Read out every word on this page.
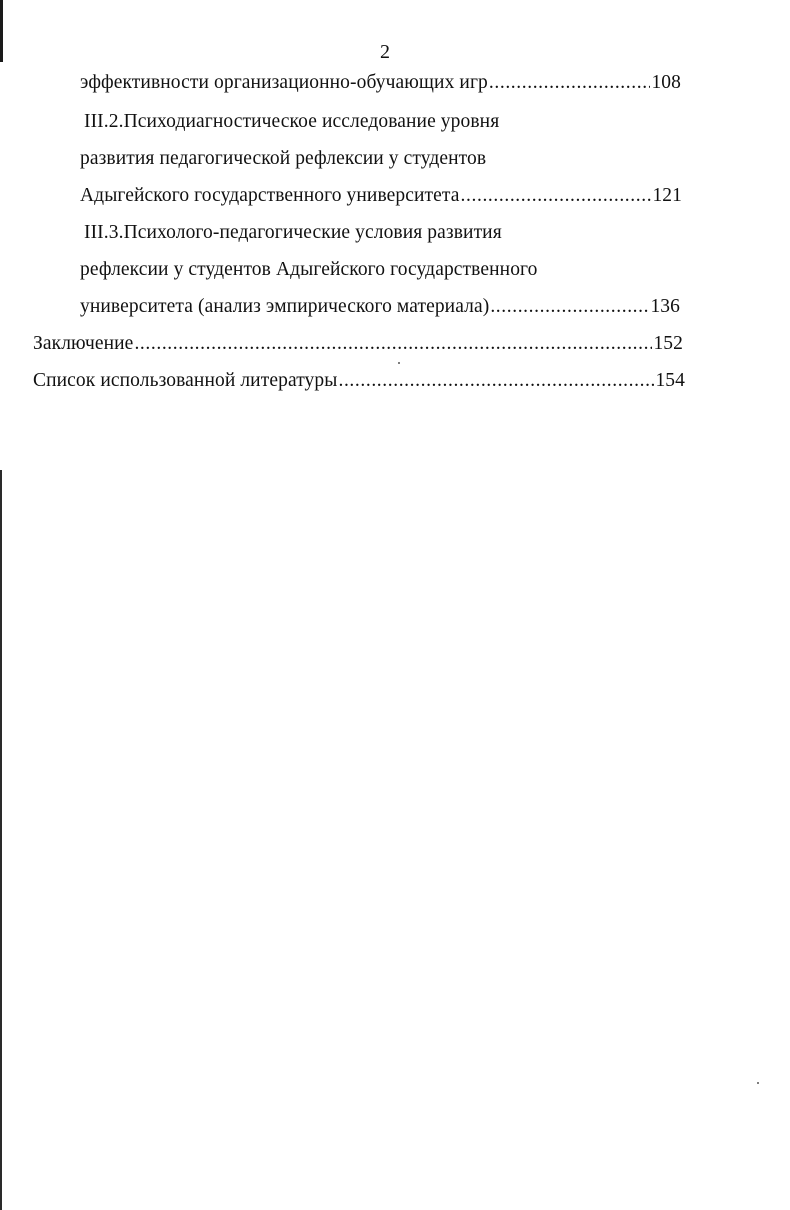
2
эффективности организационно-обучающих игр .....	108
III.2.Психодиагностическое исследование уровня
развития педагогической рефлексии у студентов
Адыгейского государственного университета .....	121
III.3.Психолого-педагогические условия развития
рефлексии у студентов Адыгейского государственного
университета (анализ эмпирического материала) .....	136
Заключение .....	152
Список использованной литературы .....	154
